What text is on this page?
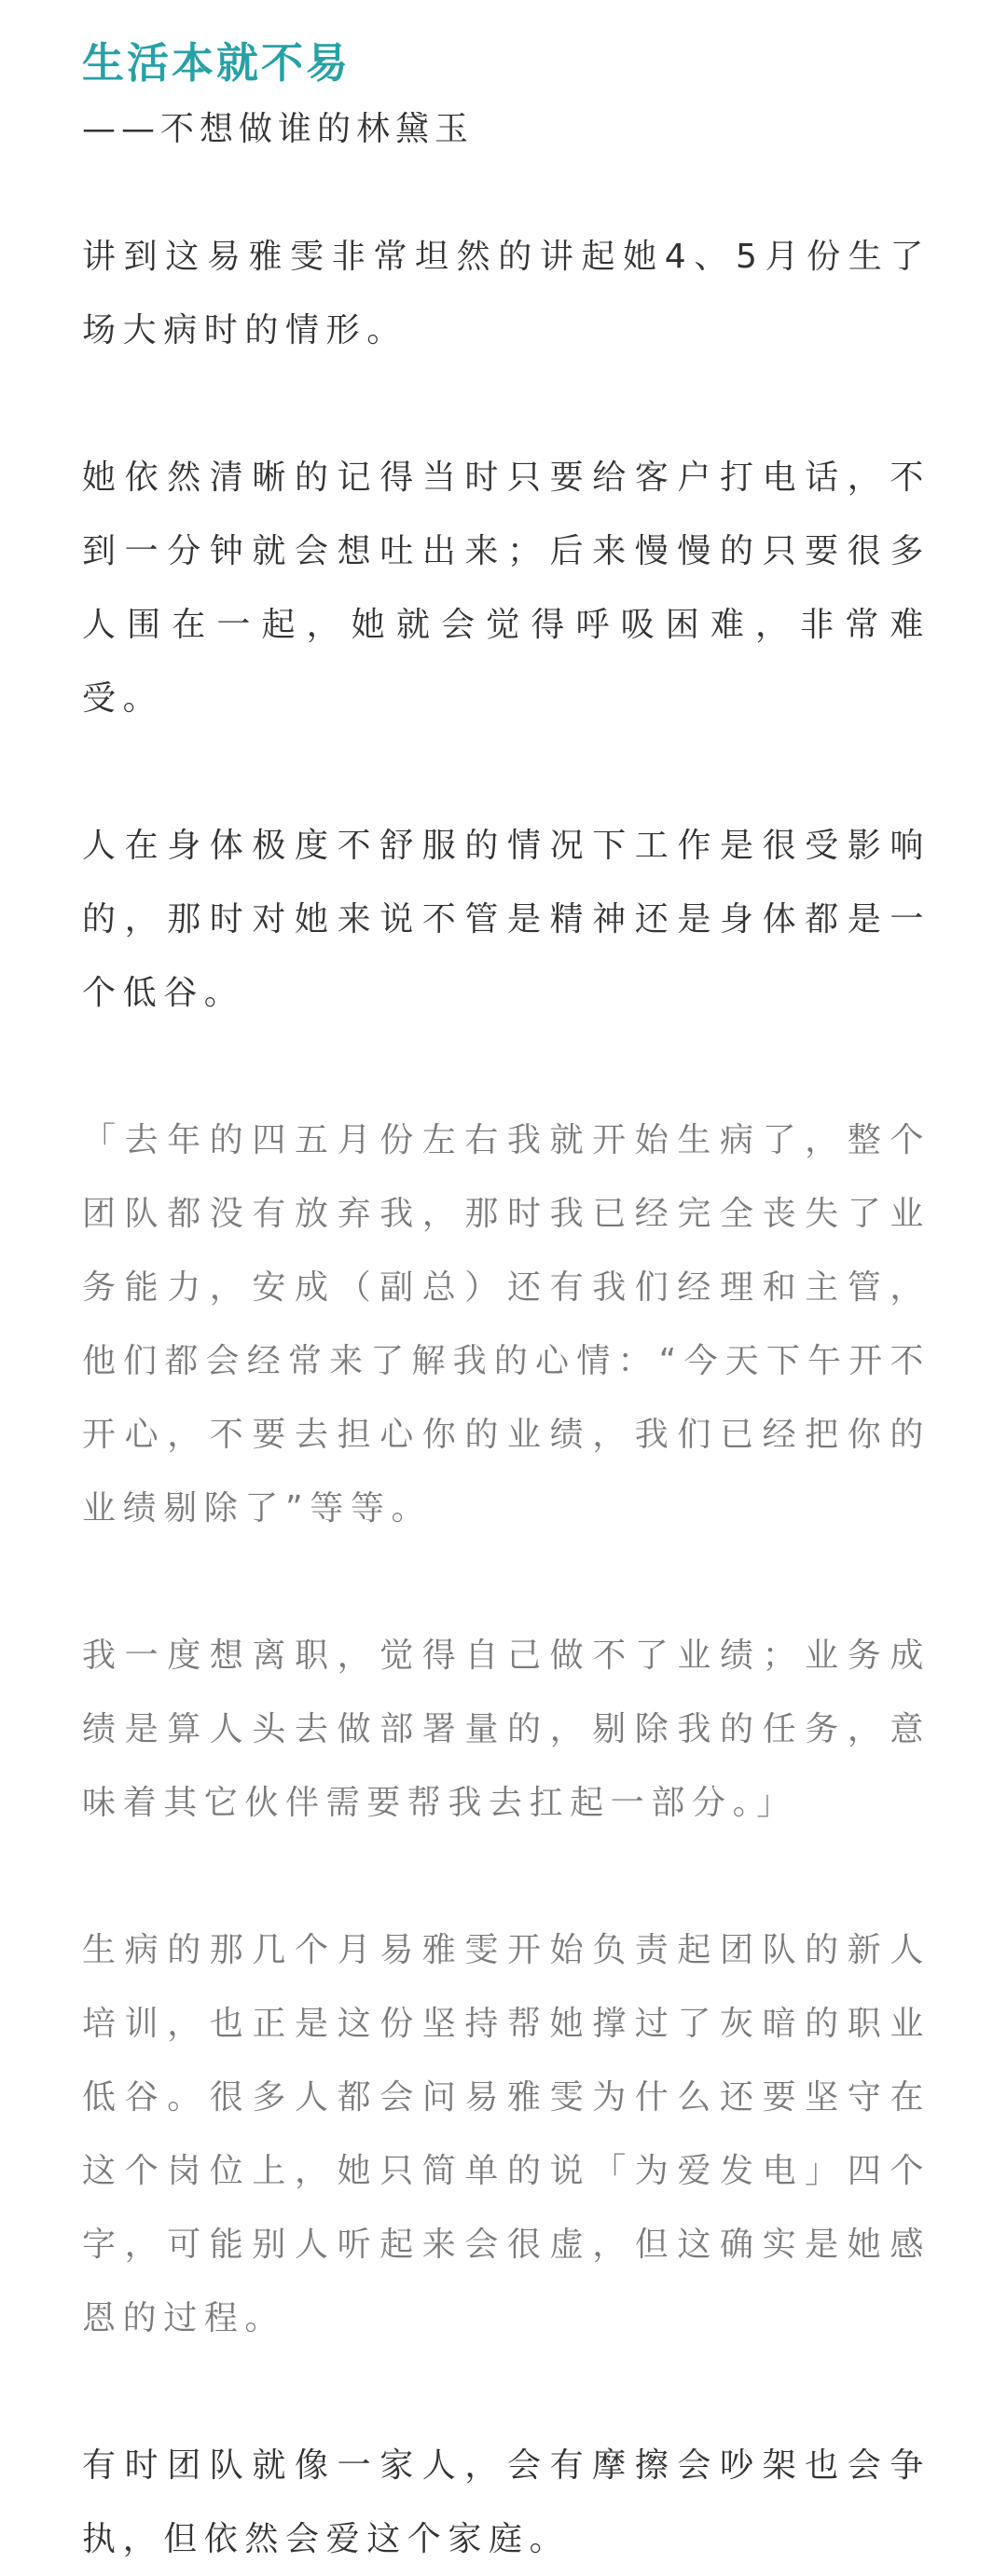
生活本就不易
——不想做谁的林黛玉

讲到这易雅雯非常坦然的讲起她4、5月份生了场大病时的情形。

她依然清晰的记得当时只要给客户打电话，不到一分钟就会想吐出来；后来慢慢的只要很多人围在一起，她就会觉得呼吸困难，非常难受。

人在身体极度不舒服的情况下工作是很受影响的，那时对她来说不管是精神还是身体都是一个低谷。

「去年的四五月份左右我就开始生病了，整个团队都没有放弃我，那时我已经完全丧失了业务能力，安成（副总）还有我们经理和主管，他们都会经常来了解我的心情：“今天下午开不开心，不要去担心你的业绩，我们已经把你的业绩剔除了”等等。

我一度想离职，觉得自己做不了业绩；业务成绩是算人头去做部署量的，剔除我的任务，意味着其它伙伴需要帮我去扛起一部分。」

生病的那几个月易雅雯开始负责起团队的新人培训，也正是这份坚持帮她撑过了灰暗的职业低谷。很多人都会问易雅雯为什么还要坚守在这个岗位上，她只简单的说「为爱发电」四个字，可能别人听起来会很虚，但这确实是她感恩的过程。

有时团队就像一家人，会有摩擦会吵架也会争执，但依然会爱这个家庭。
